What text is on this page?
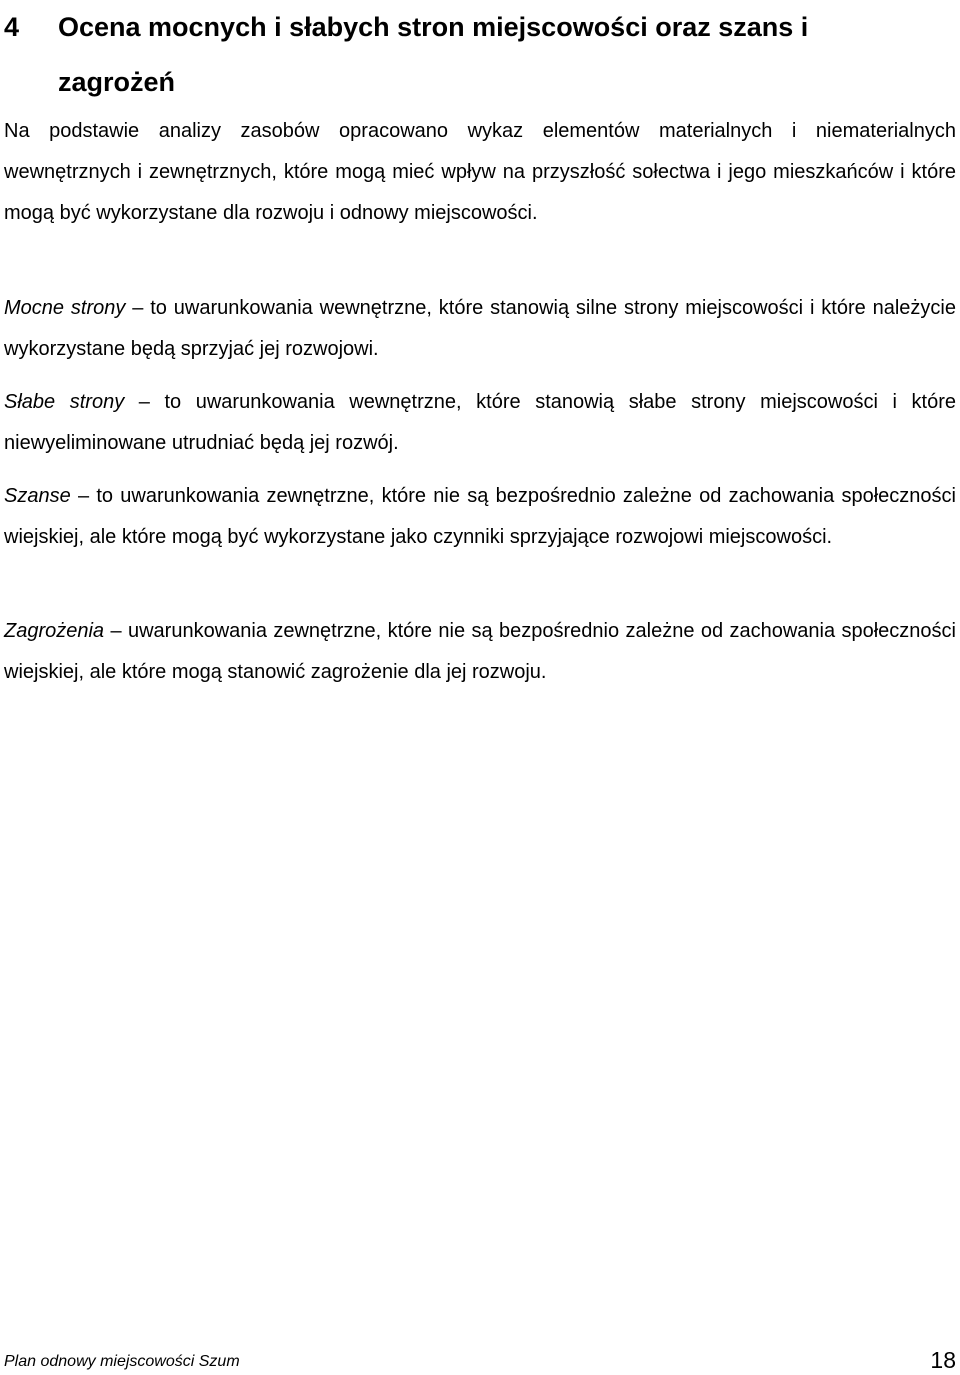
4 Ocena mocnych i słabych stron miejscowości oraz szans i
zagrożeń

Na podstawie analizy zasobów opracowano wykaz elementów materialnych i niematerialnych wewnętrznych i zewnętrznych, które mogą mieć wpływ na przyszłość sołectwa i jego mieszkańców i które mogą być wykorzystane dla rozwoju i odnowy miejscowości.

Mocne strony – to uwarunkowania wewnętrzne, które stanowią silne strony miejscowości i które należycie wykorzystane będą sprzyjać jej rozwojowi.

Słabe strony – to uwarunkowania wewnętrzne, które stanowią słabe strony miejscowości i które niewyeliminowane utrudniać będą jej rozwój.

Szanse – to uwarunkowania zewnętrzne, które nie są bezpośrednio zależne od zachowania społeczności wiejskiej, ale które mogą być wykorzystane jako czynniki sprzyjające rozwojowi miejscowości.

Zagrożenia – uwarunkowania zewnętrzne, które nie są bezpośrednio zależne od zachowania społeczności wiejskiej, ale które mogą stanowić zagrożenie dla jej rozwoju.

Plan odnowy miejscowości Szum	18
